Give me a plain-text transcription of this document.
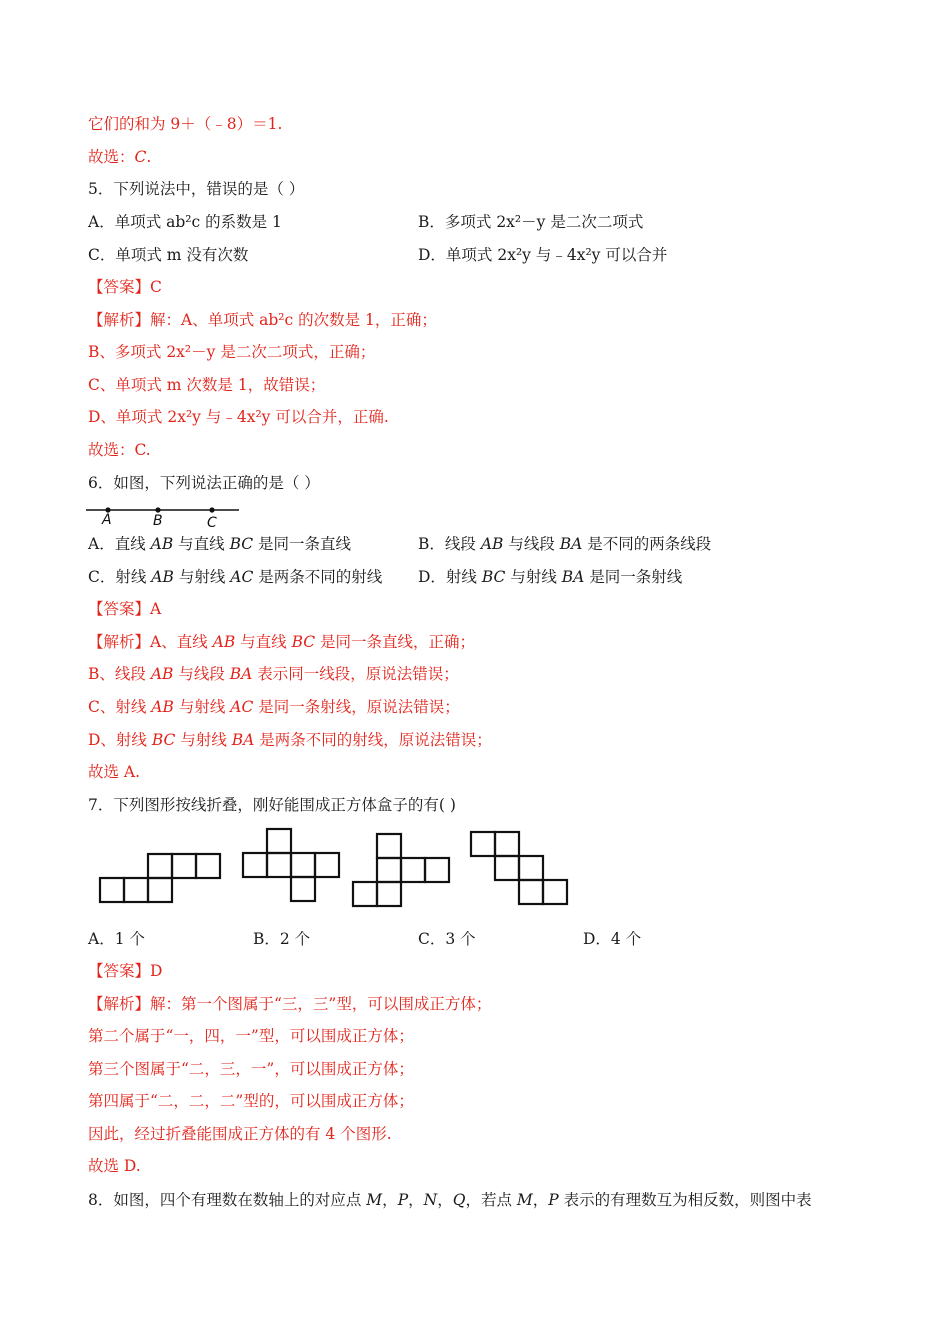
它们的和为 9＋（﹣8）＝1.
故选：C.
5．下列说法中，错误的是（ ）
A．单项式 ab²c 的系数是 1	B．多项式 2x²－y 是二次二项式
C．单项式 m 没有次数	D．单项式 2x²y 与﹣4x²y 可以合并
【答案】C
【解析】解：A、单项式 ab²c 的次数是 1，正确；
B、多项式 2x²－y 是二次二项式，正确；
C、单项式 m 次数是 1，故错误；
D、单项式 2x²y 与﹣4x²y 可以合并，正确.
故选：C.
6．如图，下列说法正确的是（ ）
A	B	C
A．直线 AB 与直线 BC 是同一条直线	B．线段 AB 与线段 BA 是不同的两条线段
C．射线 AB 与射线 AC 是两条不同的射线 D．射线 BC 与射线 BA 是同一条射线
【答案】A
【解析】A、直线 AB 与直线 BC 是同一条直线，正确；
B、线段 AB 与线段 BA 表示同一线段，原说法错误；
C、射线 AB 与射线 AC 是同一条射线，原说法错误；
D、射线 BC 与射线 BA 是两条不同的射线，原说法错误；
故选 A.
7．下列图形按线折叠，刚好能围成正方体盒子的有( )
A．1 个	B．2 个	C．3 个	D．4 个
【答案】D
【解析】解：第一个图属于“三，三”型，可以围成正方体；
第二个属于“一，四，一”型，可以围成正方体；
第三个图属于“二，三，一”，可以围成正方体；
第四属于“二，二，二”型的，可以围成正方体；
因此，经过折叠能围成正方体的有 4 个图形.
故选 D.
8．如图，四个有理数在数轴上的对应点 M，P，N，Q，若点 M，P 表示的有理数互为相反数，则图中表
